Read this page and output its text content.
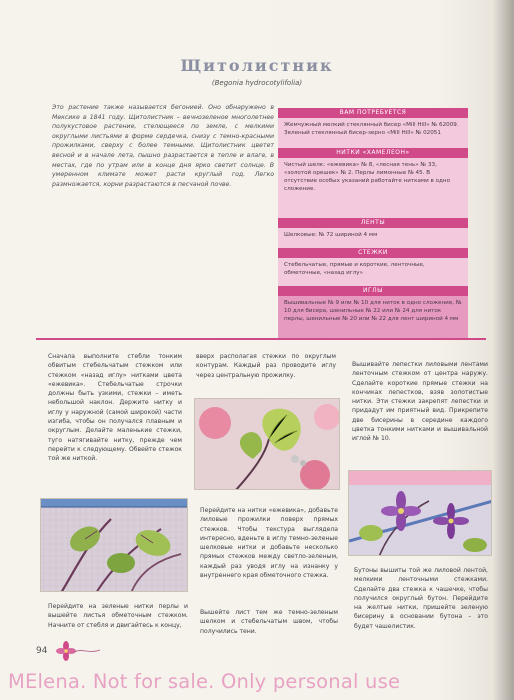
Щитолистник
(Begonia hydrocotylifolia)
Это растение также называется бегонией. Оно обнаружено в Мексике в 1841 году. Щитолистник – вечнозеленое многолетнее полукустовое растение, стелющееся по земле, с мелкими округлыми листьями в форме сердечка, снизу с темно-красными прожилками, сверху с более темными. Щитолистник цветет весной и в начале лета, пышно разрастается в тепле и влаге, в местах, где по утрам или в конце дня ярко светит солнце. В умеренном климате может расти круглый год. Легко размножается, корни разрастаются в песчаной почве.
ВАМ ПОТРЕБУЕТСЯ
Жемчужный мелкий стеклянный бисер «Mill Hill» № 62009. Зеленый стеклянный бисер-зерно «Mill Hill» № 02051
НИТКИ «ХАМЕЛЕОН»
Чистый шелк: «ежевика» № 8, «лесная тень» № 33, «золотой орешек» № 2. Перлы лимонные № 45. В отсутствие особых указаний работайте нитками в одно сложение.
ЛЕНТЫ
Шелковые: № 72 шириной 4 мм
СТЕЖКИ
Стебельчатые, прямые и короткие, ленточные, обметочные, «назад иглу»
ИГЛЫ
Вышивальные № 9 или № 10 для ниток в одно сложение, № 10 для бисера, шенильные № 22 или № 24 для ниток перлы, шенильные № 20 или № 22 для лент шириной 4 мм
Сначала выполните стебли тонким обвитым стебельчатым стежком или стежком «назад иглу» нитками цвета «ежевика». Стебельчатые строчки должны быть узкими, стежки – иметь небольшой наклон. Держите нитку и иглу у наружной (самой широкой) части изгиба, чтобы он получался плавным и округлым. Делайте маленькие стежки, туго натягивайте нитку, прежде чем перейти к следующему. Обвейте стежок той же ниткой.
Перейдите на зеленые нитки перлы и вышейте листья обметочным стежком. Начните от стебля и двигайтесь к концу,
вверх располагая стежки по округлым контурам. Каждый раз проводите иглу через центральную прожилку.
Перейдите на нитки «ежевика», добавьте лиловые прожилки поверх прямых стежков. Чтобы текстура выглядела интересно, вденьте в иглу темно-зеленые шелковые нитки и добавьте несколько прямых стежков между светло-зеленым, каждый раз уводя иглу на изнанку у внутреннего края обметочного стежка.
Вышейте лист тем же темно-зеленым шелком и стебельчатым швом, чтобы получились тени.
Вышивайте лепестки лиловыми лентами ленточным стежком от центра наружу. Сделайте короткие прямые стежки на кончиках лепестков, взяв золотистые нитки. Эти стежки закрепят лепестки и придадут им приятный вид. Прикрепите две бисерины в середине каждого цветка тонкими нитками и вышивальной иглой № 10.
Бутоны вышиты той же лиловой лентой, мелкими ленточными стежками. Сделайте два стежка к чашечке, чтобы получился округлый бутон. Перейдите на желтые нитки, пришейте зеленую бисерину в основании бутона – это будет чашелистик.
94
MElena. Not for sale. Only personal use
